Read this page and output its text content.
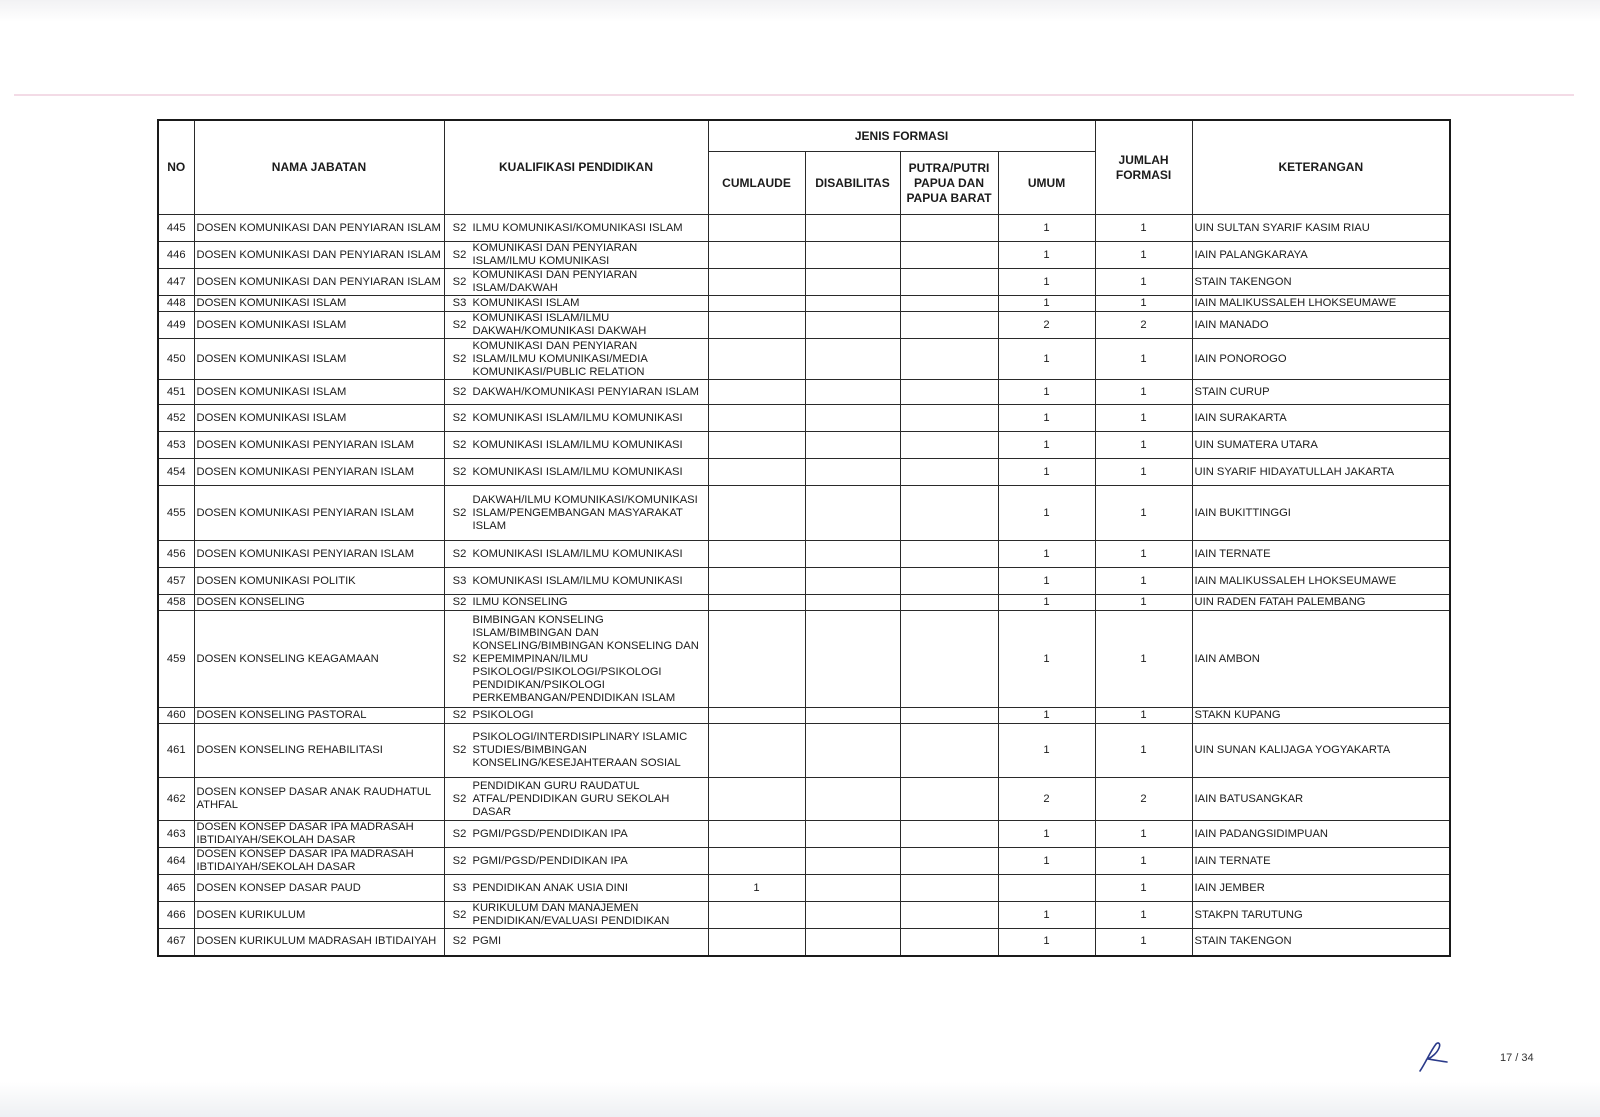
NO	NAMA JABATAN	KUALIFIKASI PENDIDIKAN	JENIS FORMASI				JUMLAH FORMASI	KETERANGAN
			CUMLAUDE	DISABILITAS	PUTRA/PUTRI PAPUA DAN PAPUA BARAT	UMUM		
445	DOSEN KOMUNIKASI DAN PENYIARAN ISLAM	S2 ILMU KOMUNIKASI/KOMUNIKASI ISLAM				1	1	UIN SULTAN SYARIF KASIM RIAU
446	DOSEN KOMUNIKASI DAN PENYIARAN ISLAM	S2
KOMUNIKASI DAN PENYIARAN ISLAM/ILMU KOMUNIKASI				1	1	IAIN PALANGKARAYA
447	DOSEN KOMUNIKASI DAN PENYIARAN ISLAM	S2
KOMUNIKASI DAN PENYIARAN ISLAM/DAKWAH				1	1	STAIN TAKENGON
448	DOSEN KOMUNIKASI ISLAM	S3 KOMUNIKASI ISLAM				1	1	IAIN MALIKUSSALEH LHOKSEUMAWE
449	DOSEN KOMUNIKASI ISLAM	S2
KOMUNIKASI ISLAM/ILMU DAKWAH/KOMUNIKASI DAKWAH				2	2	IAIN MANADO
450	DOSEN KOMUNIKASI ISLAM	S2
KOMUNIKASI DAN PENYIARAN ISLAM/ILMU KOMUNIKASI/MEDIA KOMUNIKASI/PUBLIC RELATION				1	1	IAIN PONOROGO
451	DOSEN KOMUNIKASI ISLAM	S2 DAKWAH/KOMUNIKASI PENYIARAN ISLAM				1	1	STAIN CURUP
452	DOSEN KOMUNIKASI ISLAM	S2 KOMUNIKASI ISLAM/ILMU KOMUNIKASI				1	1	IAIN SURAKARTA
453	DOSEN KOMUNIKASI PENYIARAN ISLAM	S2 KOMUNIKASI ISLAM/ILMU KOMUNIKASI				1	1	UIN SUMATERA UTARA
454	DOSEN KOMUNIKASI PENYIARAN ISLAM	S2 KOMUNIKASI ISLAM/ILMU KOMUNIKASI				1	1	UIN SYARIF HIDAYATULLAH JAKARTA
455	DOSEN KOMUNIKASI PENYIARAN ISLAM	S2
DAKWAH/ILMU KOMUNIKASI/KOMUNIKASI ISLAM/PENGEMBANGAN MASYARAKAT ISLAM				1	1	IAIN BUKITTINGGI
456	DOSEN KOMUNIKASI PENYIARAN ISLAM	S2 KOMUNIKASI ISLAM/ILMU KOMUNIKASI				1	1	IAIN TERNATE
457	DOSEN KOMUNIKASI POLITIK	S3 KOMUNIKASI ISLAM/ILMU KOMUNIKASI				1	1	IAIN MALIKUSSALEH LHOKSEUMAWE
458	DOSEN KONSELING	S2 ILMU KONSELING				1	1	UIN RADEN FATAH PALEMBANG
459	DOSEN KONSELING KEAGAMAAN	S2
BIMBINGAN KONSELING ISLAM/BIMBINGAN DAN KONSELING/BIMBINGAN KONSELING DAN KEPEMIMPINAN/ILMU PSIKOLOGI/PSIKOLOGI/PSIKOLOGI PENDIDIKAN/PSIKOLOGI PERKEMBANGAN/PENDIDIKAN ISLAM				1	1	IAIN AMBON
460	DOSEN KONSELING PASTORAL	S2 PSIKOLOGI				1	1	STAKN KUPANG
461	DOSEN KONSELING REHABILITASI	S2
PSIKOLOGI/INTERDISIPLINARY ISLAMIC STUDIES/BIMBINGAN KONSELING/KESEJAHTERAAN SOSIAL				1	1	UIN SUNAN KALIJAGA YOGYAKARTA
462	DOSEN KONSEP DASAR ANAK RAUDHATUL ATHFAL	S2
PENDIDIKAN GURU RAUDATUL ATFAL/PENDIDIKAN GURU SEKOLAH DASAR				2	2	IAIN BATUSANGKAR
463	DOSEN KONSEP DASAR IPA MADRASAH IBTIDAIYAH/SEKOLAH DASAR	S2 PGMI/PGSD/PENDIDIKAN IPA				1	1	IAIN PADANGSIDIMPUAN
464	DOSEN KONSEP DASAR IPA MADRASAH IBTIDAIYAH/SEKOLAH DASAR	S2 PGMI/PGSD/PENDIDIKAN IPA				1	1	IAIN TERNATE
465	DOSEN KONSEP DASAR PAUD	S3 PENDIDIKAN ANAK USIA DINI	1				1	IAIN JEMBER
466	DOSEN KURIKULUM	S2
KURIKULUM DAN MANAJEMEN PENDIDIKAN/EVALUASI PENDIDIKAN				1	1	STAKPN TARUTUNG
467	DOSEN KURIKULUM MADRASAH IBTIDAIYAH	S2 PGMI				1	1	STAIN TAKENGON
17 / 34
